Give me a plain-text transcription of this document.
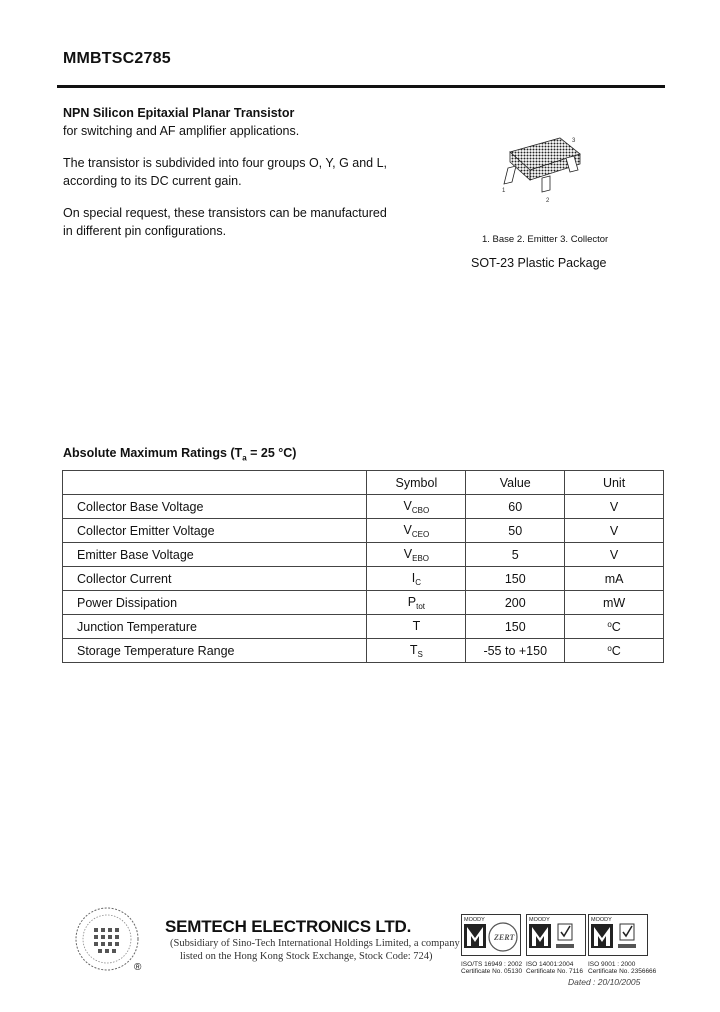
MMBTSC2785
NPN Silicon Epitaxial Planar Transistor

for switching and AF amplifier applications.

The transistor is subdivided into four groups O, Y, G and L, according to its DC current gain.

On special request, these transistors can be manufactured in different pin configurations.

3
1
2
1. Base 2. Emitter 3. Collector
SOT-23 Plastic Package
Absolute Maximum Ratings ($T_a = 25$ °C)
	Symbol	Value	Unit
Collector Base Voltage	$V_{CBO}$	60	V
Collector Emitter Voltage	$V_{CEO}$	50	V
Emitter Base Voltage	$V_{EBO}$	5	V
Collector Current	$I_C$	150	mA
Power Dissipation	$P_{tot}$	200	mW
Junction Temperature	T	150	$^o$C
Storage Temperature Range	$T_S$	-55 to +150	$^o$C
®
SEMTECH ELECTRONICS LTD.
(Subsidiary of Sino-Tech International Holdings Limited, a company
listed on the Hong Kong Stock Exchange, Stock Code: 724)
MOODY
ZERT
ISO/TS 16949 : 2002
Certificate No. 05130
MOODY
ISO 14001:2004
Certificate No. 7116
MOODY
ISO 9001 : 2000
Certificate No. 2356666
Dated : 20/10/2005
